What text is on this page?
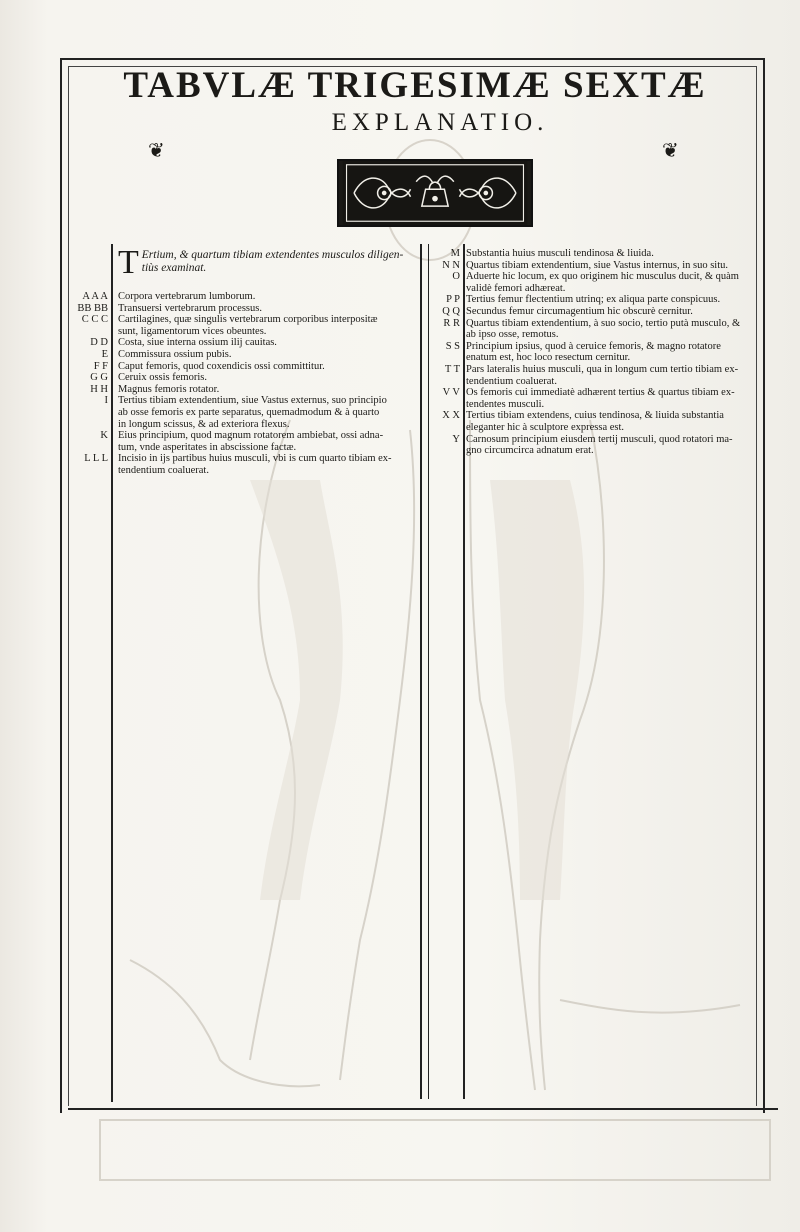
TABVLÆ TRIGESIMÆ SEXTÆ
EXPLANATIO.
❦	❦
T Ertium, & quartum tibiam extendentes musculos diligen- tiùs examinat.
Corpora vertebrarum lumborum.
Transuersi vertebrarum processus.
Cartilagines, quæ singulis vertebrarum corporibus interpositæ
sunt, ligamentorum vices obeuntes.
Costa, siue interna ossium ilij cauitas.
Commissura ossium pubis.
Caput femoris, quod coxendicis ossi committitur.
Ceruix ossis femoris.
Magnus femoris rotator.
Tertius tibiam extendentium, siue Vastus externus, suo principio
ab osse femoris ex parte separatus, quemadmodum & à quarto
in longum scissus, & ad exteriora flexus.
Eius principium, quod magnum rotatorem ambiebat, ossi adna-
tum, vnde asperitates in abscissione factæ.
Incisio in ijs partibus huius musculi, vbi is cum quarto tibiam ex-
tendentium coaluerat.
A A A
BB BB
C C C
D D
E
F F
G G
H H
I
K
L L L
Substantia huius musculi tendinosa & liuida.
Quartus tibiam extendentium, siue Vastus internus, in suo situ.
Aduerte hic locum, ex quo originem hic musculus ducit, & quàm
validè femori adhæreat.
Tertius femur flectentium utrinq; ex aliqua parte conspicuus.
Secundus femur circumagentium hic obscurè cernitur.
Quartus tibiam extendentium, à suo socio, tertio putà musculo, &
ab ipso osse, remotus.
Principium ipsius, quod à ceruice femoris, & magno rotatore
enatum est, hoc loco resectum cernitur.
Pars lateralis huius musculi, qua in longum cum tertio tibiam ex-
tendentium coaluerat.
Os femoris cui immediatè adhærent tertius & quartus tibiam ex-
tendentes musculi.
Tertius tibiam extendens, cuius tendinosa, & liuida substantia
eleganter hic à sculptore expressa est.
Carnosum principium eiusdem tertij musculi, quod rotatori ma-
gno circumcirca adnatum erat.
M
N N
O
P P
Q Q
R R
S S
T T
V V
X X
Y
